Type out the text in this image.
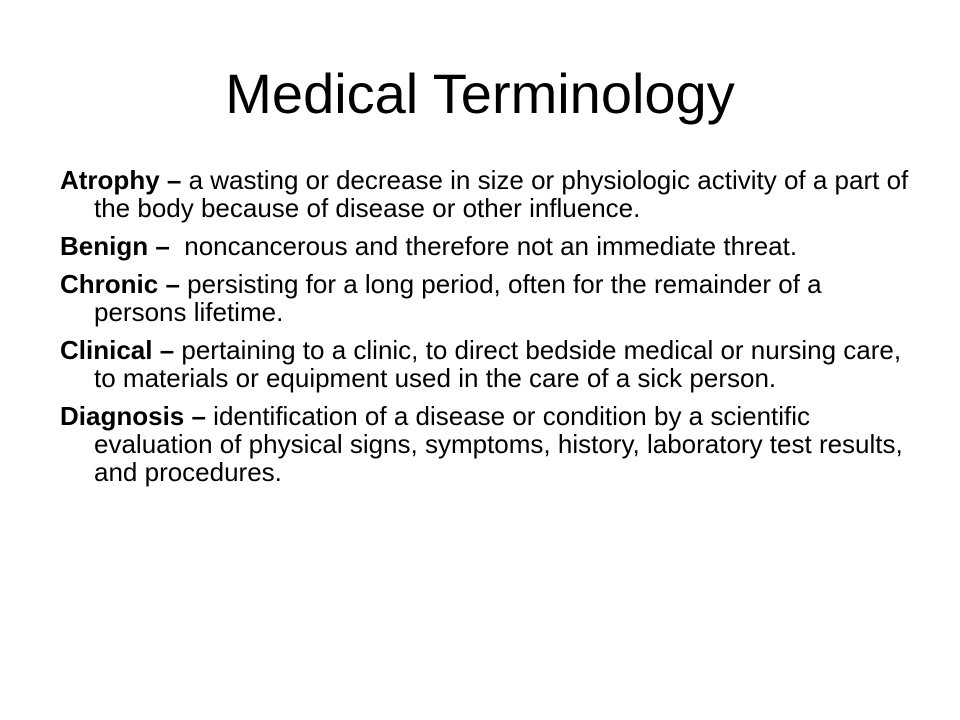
Medical Terminology
Atrophy – a wasting or decrease in size or physiologic activity of a part of the body because of disease or other influence.
Benign –  noncancerous and therefore not an immediate threat.
Chronic – persisting for a long period, often for the remainder of a persons lifetime.
Clinical – pertaining to a clinic, to direct bedside medical or nursing care, to materials or equipment used in the care of a sick person.
Diagnosis – identification of a disease or condition by a scientific evaluation of physical signs, symptoms, history, laboratory test results, and procedures.
